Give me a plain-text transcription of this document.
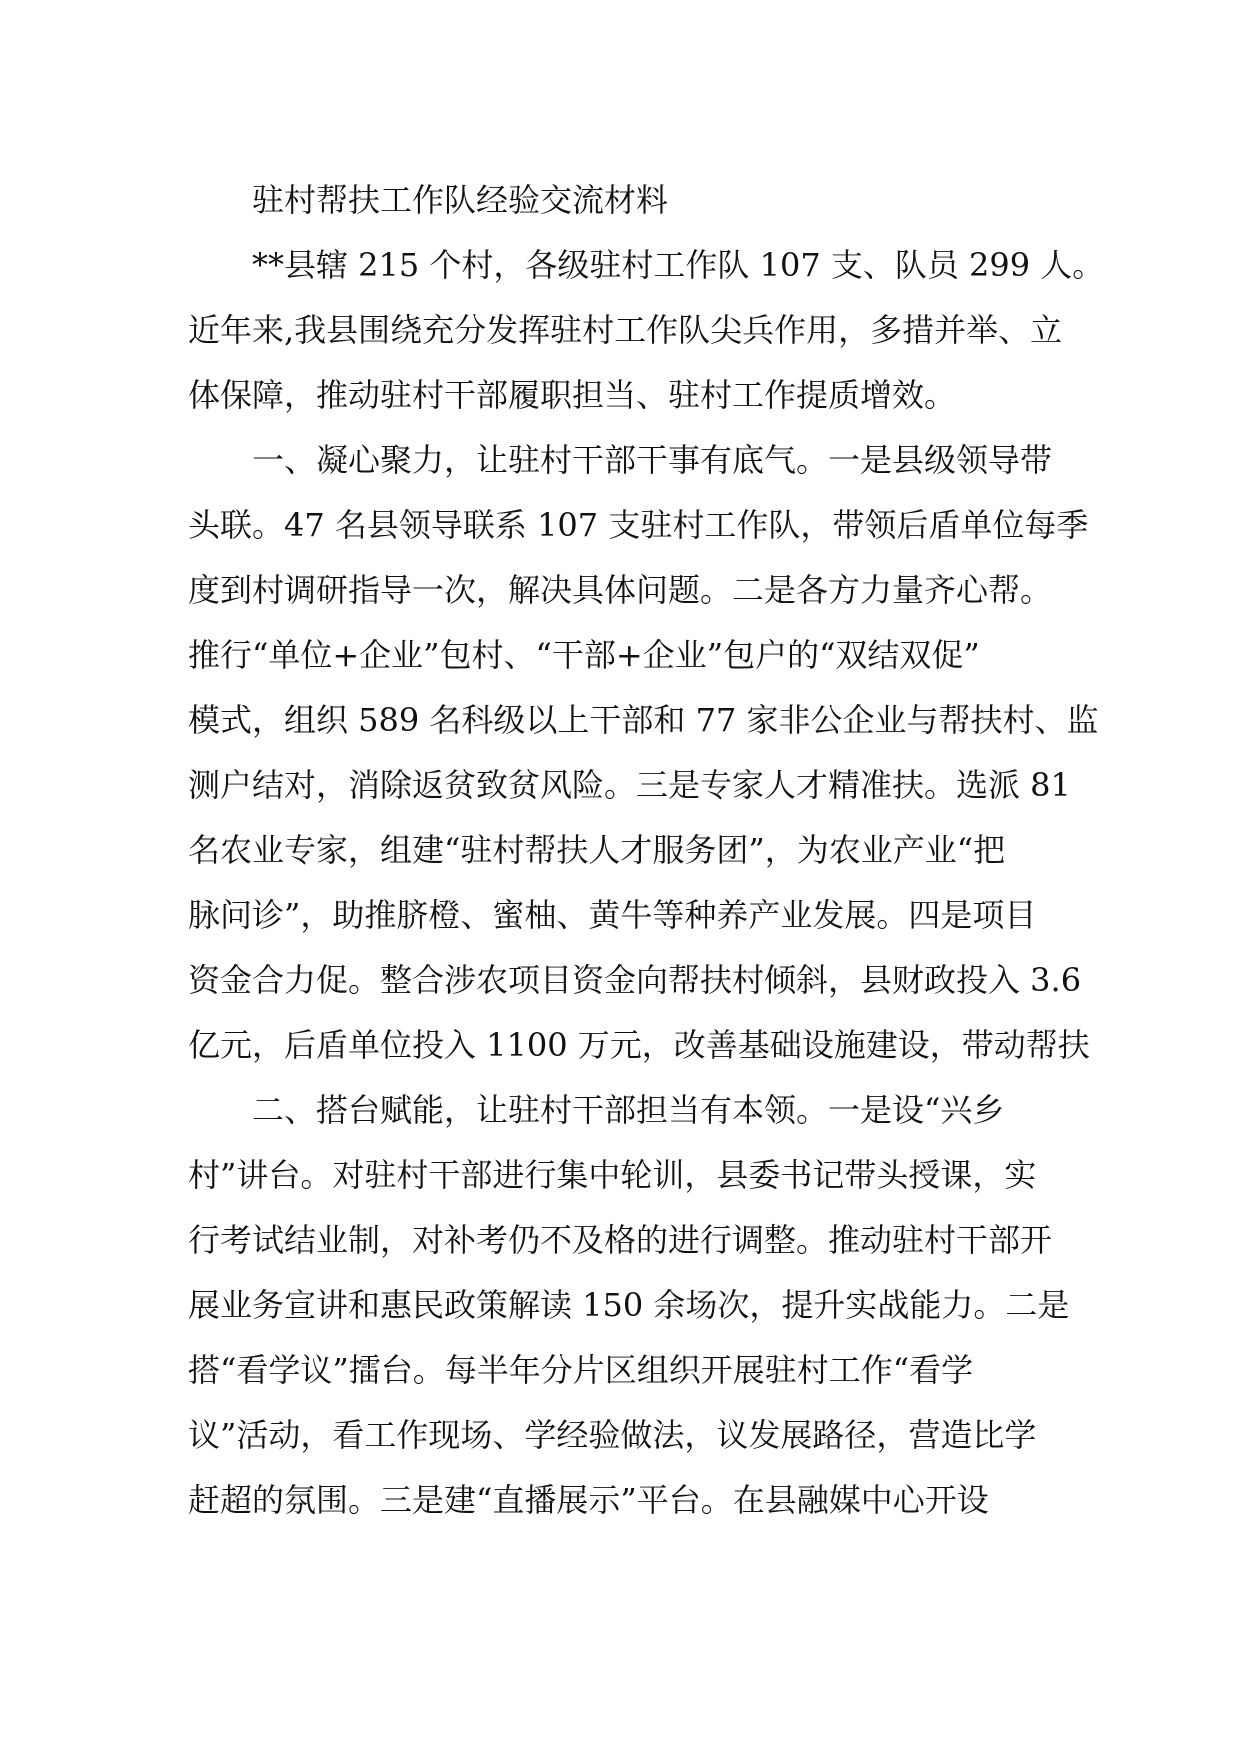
驻村帮扶工作队经验交流材料

**县辖 215 个村，各级驻村工作队 107 支、队员 299 人。
近年来,我县围绕充分发挥驻村工作队尖兵作用，多措并举、立
体保障，推动驻村干部履职担当、驻村工作提质增效。

一、凝心聚力，让驻村干部干事有底气。一是县级领导带
头联。47 名县领导联系 107 支驻村工作队，带领后盾单位每季
度到村调研指导一次，解决具体问题。二是各方力量齐心帮。
推行“单位+企业”包村、“干部+企业”包户的“双结双促”
模式，组织 589 名科级以上干部和 77 家非公企业与帮扶村、监
测户结对，消除返贫致贫风险。三是专家人才精准扶。选派 81
名农业专家，组建“驻村帮扶人才服务团”，为农业产业“把
脉问诊”，助推脐橙、蜜柚、黄牛等种养产业发展。四是项目
资金合力促。整合涉农项目资金向帮扶村倾斜，县财政投入 3.6
亿元，后盾单位投入 1100 万元，改善基础设施建设，带动帮扶

二、搭台赋能，让驻村干部担当有本领。一是设“兴乡
村”讲台。对驻村干部进行集中轮训，县委书记带头授课，实
行考试结业制，对补考仍不及格的进行调整。推动驻村干部开
展业务宣讲和惠民政策解读 150 余场次，提升实战能力。二是
搭“看学议”擂台。每半年分片区组织开展驻村工作“看学
议”活动，看工作现场、学经验做法，议发展路径，营造比学
赶超的氛围。三是建“直播展示”平台。在县融媒中心开设
